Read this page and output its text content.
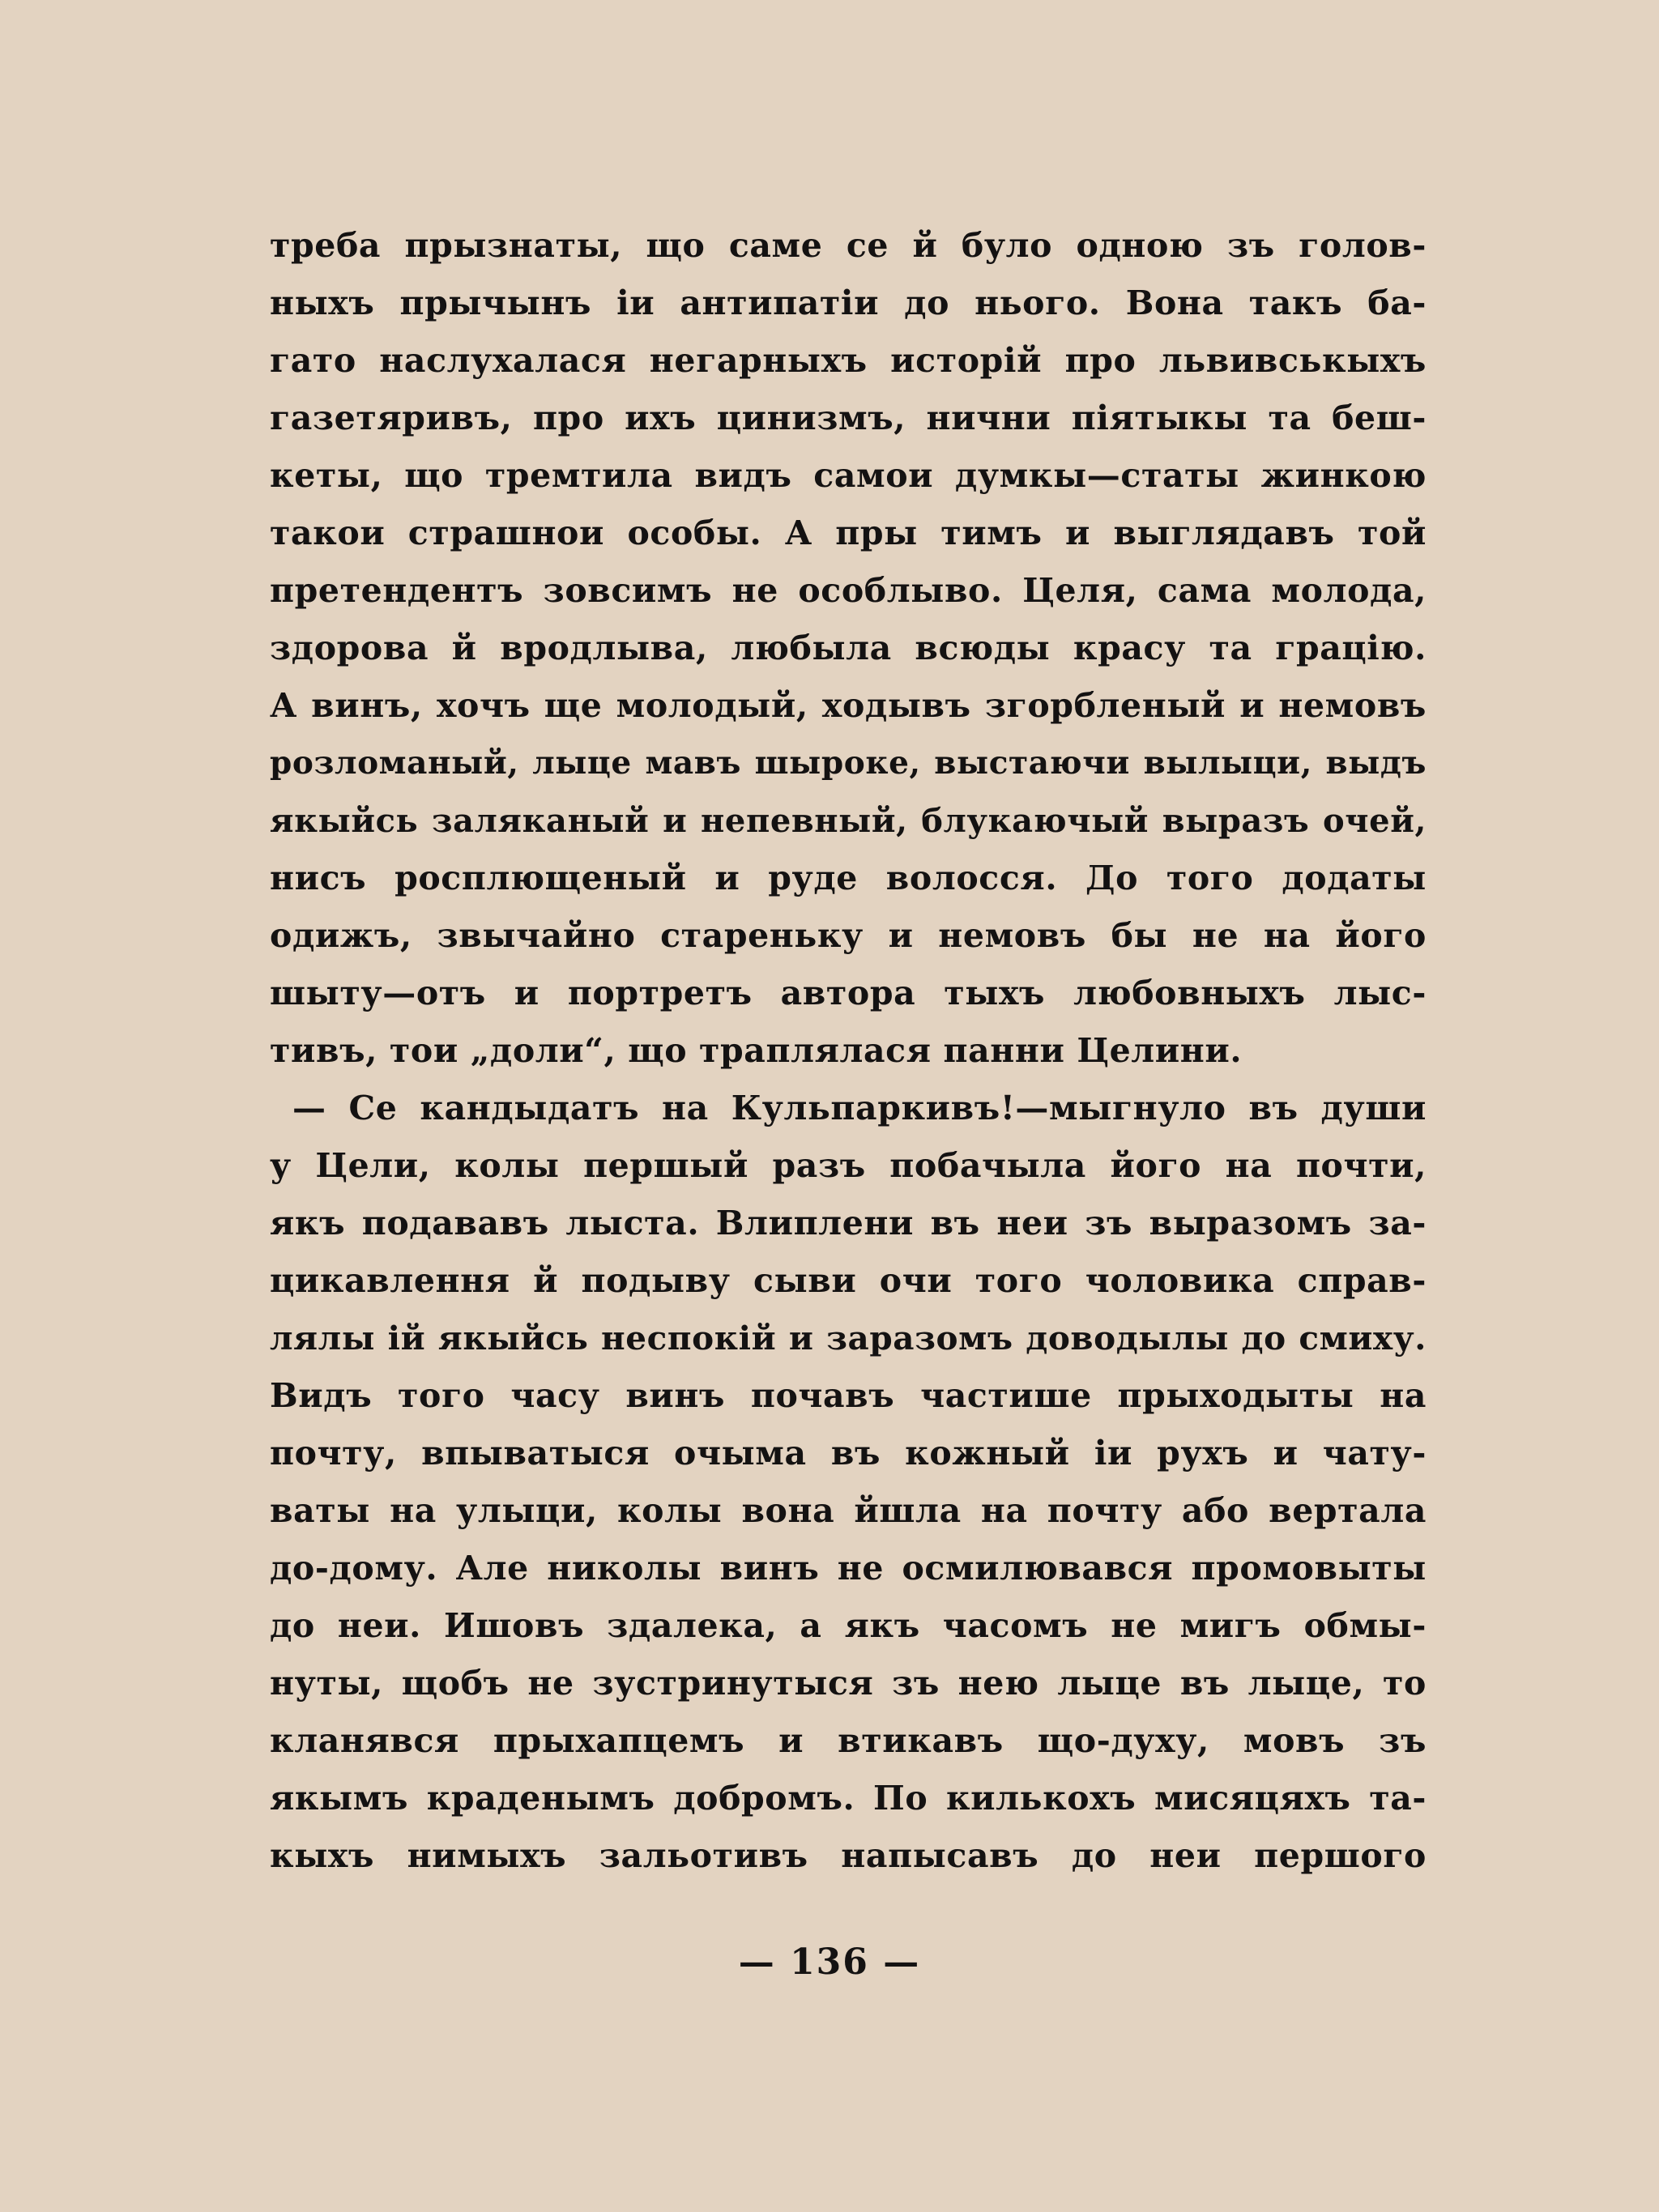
треба прызнаты, що саме се й було одною зъ голов-
ныхъ прычынъ іи антипатіи до нього. Вона такъ ба-
гато наслухалася негарныхъ исторій про львивськыхъ
газетяривъ, про ихъ цинизмъ, нични піятыкы та беш-
кеты, що тремтила видъ самои думкы—статы жинкою
такои страшнои особы. А пры тимъ и выглядавъ той
претендентъ зовсимъ не особлыво. Целя, сама молода,
здорова й вродлыва, любыла всюды красу та грацію.
А винъ, хочъ ще молодый, ходывъ згорбленый и немовъ
розломаный, лыце мавъ шыроке, выстаючи вылыци, выдъ
якыйсь заляканый и непевный, блукаючый выразъ очей,
нисъ росплющеный и руде волосся. До того додаты
одижъ, звычайно стареньку и немовъ бы не на його
шыту—отъ и портретъ автора тыхъ любовныхъ лыс-
тивъ, тои „доли“, що траплялася панни Целини.
— Се кандыдатъ на Кульпаркивъ!—мыгнуло въ души
у Цели, колы першый разъ побачыла його на почти,
якъ подававъ лыста. Влиплени въ неи зъ выразомъ за-
цикавлення й подыву сыви очи того чоловика справ-
лялы ій якыйсь неспокій и заразомъ доводылы до смиху.
Видъ того часу винъ почавъ частише прыходыты на
почту, впыватыся очыма въ кожный іи рухъ и чату-
ваты на улыци, колы вона йшла на почту або вертала
до-дому. Але николы винъ не осмилювався промовыты
до неи. Ишовъ здалека, а якъ часомъ не мигъ обмы-
нуты, щобъ не зустринутыся зъ нею лыце въ лыце, то
кланявся прыхапцемъ и втикавъ що-духу, мовъ зъ
якымъ краденымъ добромъ. По килькохъ мисяцяхъ та-
кыхъ нимыхъ зальотивъ напысавъ до неи першого
— 136 —
